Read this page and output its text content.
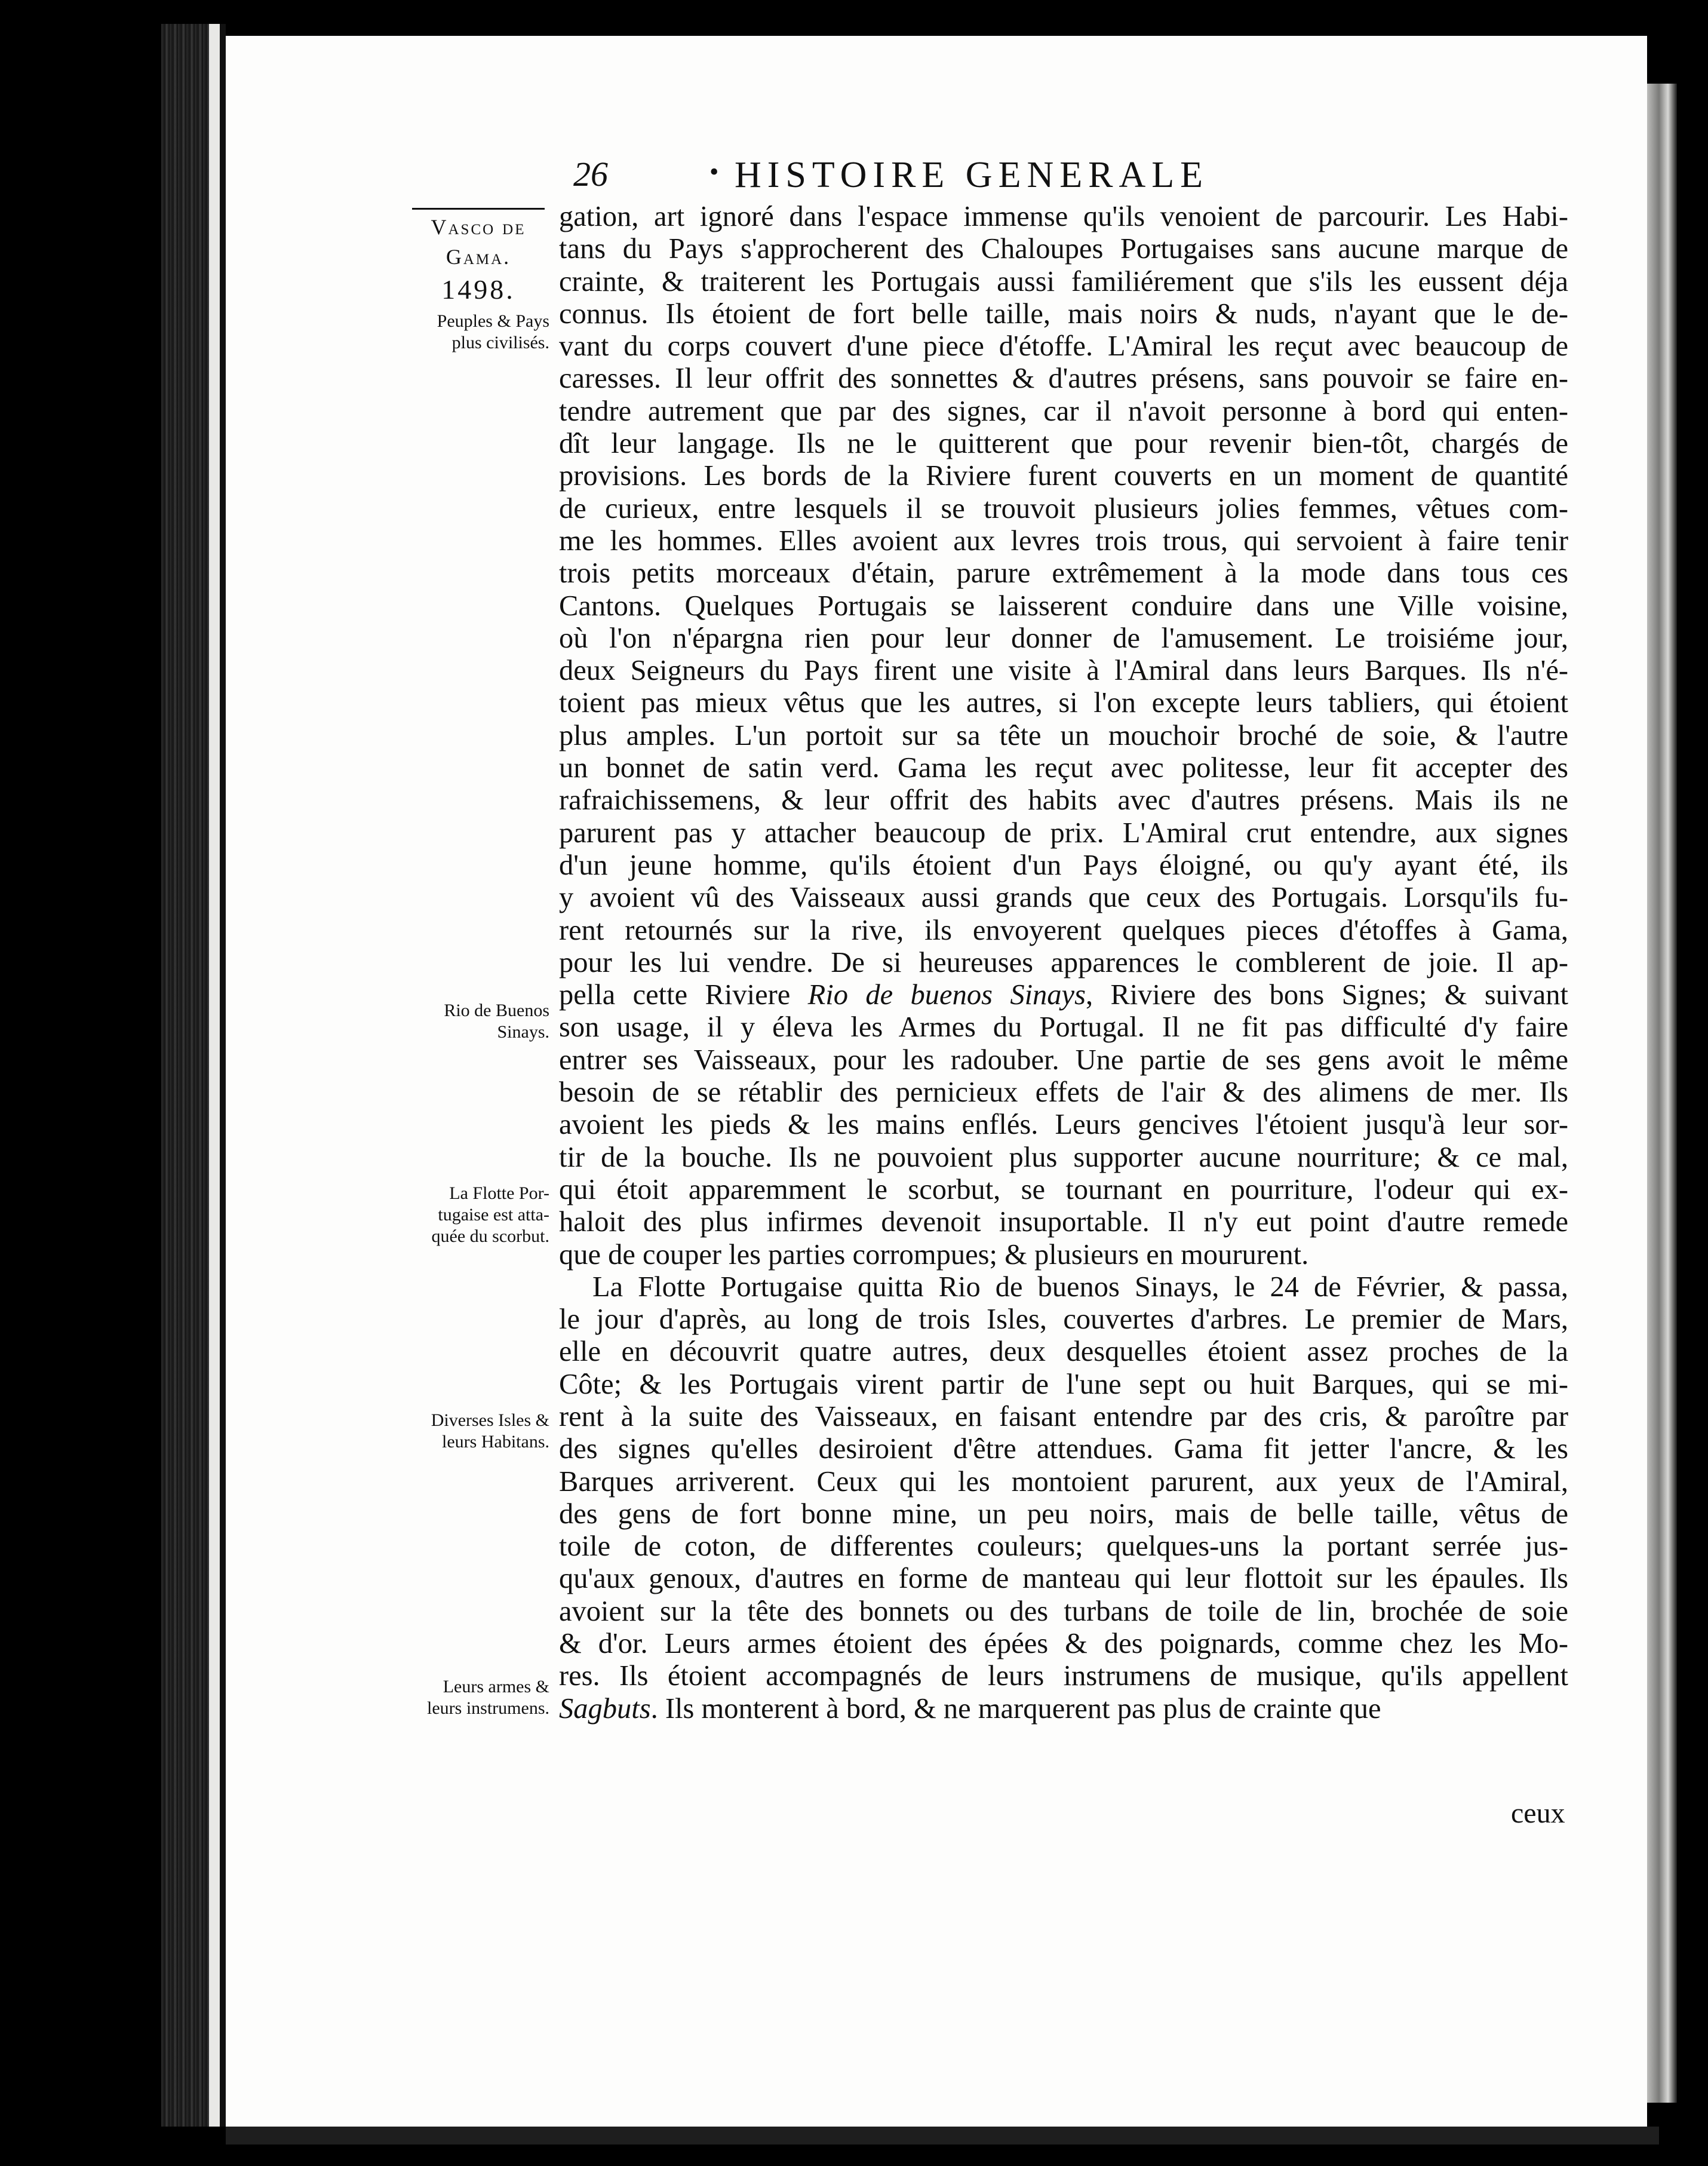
26	• HISTOIRE GENERALE
Vasco de
Gama.
1498.
Peuples & Pays
plus civilisés.
Rio de Buenos
Sinays.
La Flotte Por-
tugaise est atta-
quée du scorbut.
Diverses Isles &
leurs Habitans.
Leurs armes &
leurs instrumens.
gation, art ignoré dans l'espace immense qu'ils venoient de parcourir. Les Habi-
tans du Pays s'approcherent des Chaloupes Portugaises sans aucune marque de
crainte, & traiterent les Portugais aussi familiérement que s'ils les eussent déja
connus. Ils étoient de fort belle taille, mais noirs & nuds, n'ayant que le de-
vant du corps couvert d'une piece d'étoffe. L'Amiral les reçut avec beaucoup de
caresses. Il leur offrit des sonnettes & d'autres présens, sans pouvoir se faire en-
tendre autrement que par des signes, car il n'avoit personne à bord qui enten-
dît leur langage. Ils ne le quitterent que pour revenir bien-tôt, chargés de
provisions. Les bords de la Riviere furent couverts en un moment de quantité
de curieux, entre lesquels il se trouvoit plusieurs jolies femmes, vêtues com-
me les hommes. Elles avoient aux levres trois trous, qui servoient à faire tenir
trois petits morceaux d'étain, parure extrêmement à la mode dans tous ces
Cantons. Quelques Portugais se laisserent conduire dans une Ville voisine,
où l'on n'épargna rien pour leur donner de l'amusement. Le troisiéme jour,
deux Seigneurs du Pays firent une visite à l'Amiral dans leurs Barques. Ils n'é-
toient pas mieux vêtus que les autres, si l'on excepte leurs tabliers, qui étoient
plus amples. L'un portoit sur sa tête un mouchoir broché de soie, & l'autre
un bonnet de satin verd. Gama les reçut avec politesse, leur fit accepter des
rafraichissemens, & leur offrit des habits avec d'autres présens. Mais ils ne
parurent pas y attacher beaucoup de prix. L'Amiral crut entendre, aux signes
d'un jeune homme, qu'ils étoient d'un Pays éloigné, ou qu'y ayant été, ils
y avoient vû des Vaisseaux aussi grands que ceux des Portugais. Lorsqu'ils fu-
rent retournés sur la rive, ils envoyerent quelques pieces d'étoffes à Gama,
pour les lui vendre. De si heureuses apparences le comblerent de joie. Il ap-
pella cette Riviere Rio de buenos Sinays, Riviere des bons Signes; & suivant
son usage, il y éleva les Armes du Portugal. Il ne fit pas difficulté d'y faire
entrer ses Vaisseaux, pour les radouber. Une partie de ses gens avoit le même
besoin de se rétablir des pernicieux effets de l'air & des alimens de mer. Ils
avoient les pieds & les mains enflés. Leurs gencives l'étoient jusqu'à leur sor-
tir de la bouche. Ils ne pouvoient plus supporter aucune nourriture; & ce mal,
qui étoit apparemment le scorbut, se tournant en pourriture, l'odeur qui ex-
haloit des plus infirmes devenoit insuportable. Il n'y eut point d'autre remede
que de couper les parties corrompues; & plusieurs en moururent.
La Flotte Portugaise quitta Rio de buenos Sinays, le 24 de Février, & passa,
le jour d'après, au long de trois Isles, couvertes d'arbres. Le premier de Mars,
elle en découvrit quatre autres, deux desquelles étoient assez proches de la
Côte; & les Portugais virent partir de l'une sept ou huit Barques, qui se mi-
rent à la suite des Vaisseaux, en faisant entendre par des cris, & paroître par
des signes qu'elles desiroient d'être attendues. Gama fit jetter l'ancre, & les
Barques arriverent. Ceux qui les montoient parurent, aux yeux de l'Amiral,
des gens de fort bonne mine, un peu noirs, mais de belle taille, vêtus de
toile de coton, de differentes couleurs; quelques-uns la portant serrée jus-
qu'aux genoux, d'autres en forme de manteau qui leur flottoit sur les épaules. Ils
avoient sur la tête des bonnets ou des turbans de toile de lin, brochée de soie
& d'or. Leurs armes étoient des épées & des poignards, comme chez les Mo-
res. Ils étoient accompagnés de leurs instrumens de musique, qu'ils appellent
Sagbuts. Ils monterent à bord, & ne marquerent pas plus de crainte que
ceux
